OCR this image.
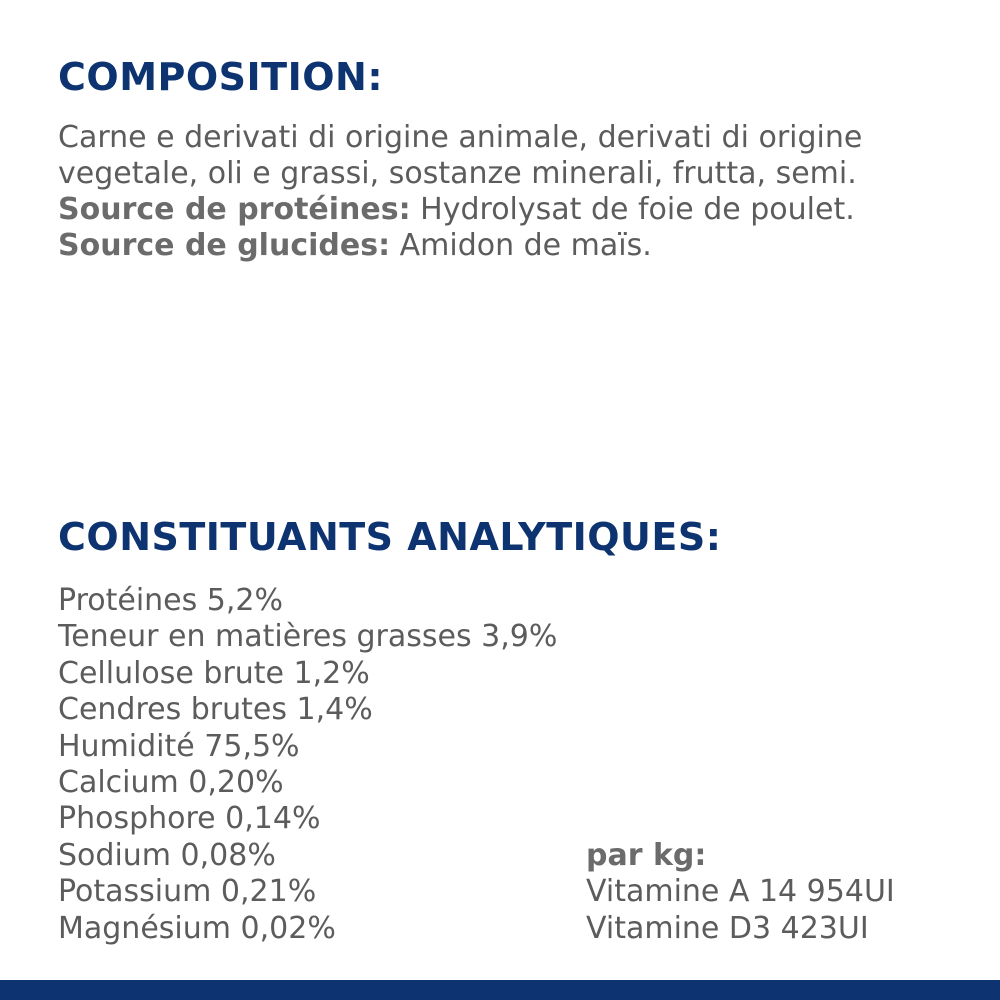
COMPOSITION:

Carne e derivati di origine animale, derivati di origine vegetale, oli e grassi, sostanze minerali, frutta, semi.

Source de protéines: Hydrolysat de foie de poulet.

Source de glucides: Amidon de maïs.

CONSTITUANTS ANALYTIQUES:
Protéines 5,2%
Teneur en matières grasses 3,9%
Cellulose brute 1,2%
Cendres brutes 1,4%
Humidité 75,5%
Calcium 0,20%
Phosphore 0,14%
Sodium 0,08%
Potassium 0,21%
Magnésium 0,02%
par kg:
Vitamine A 14 954UI
Vitamine D3 423UI
